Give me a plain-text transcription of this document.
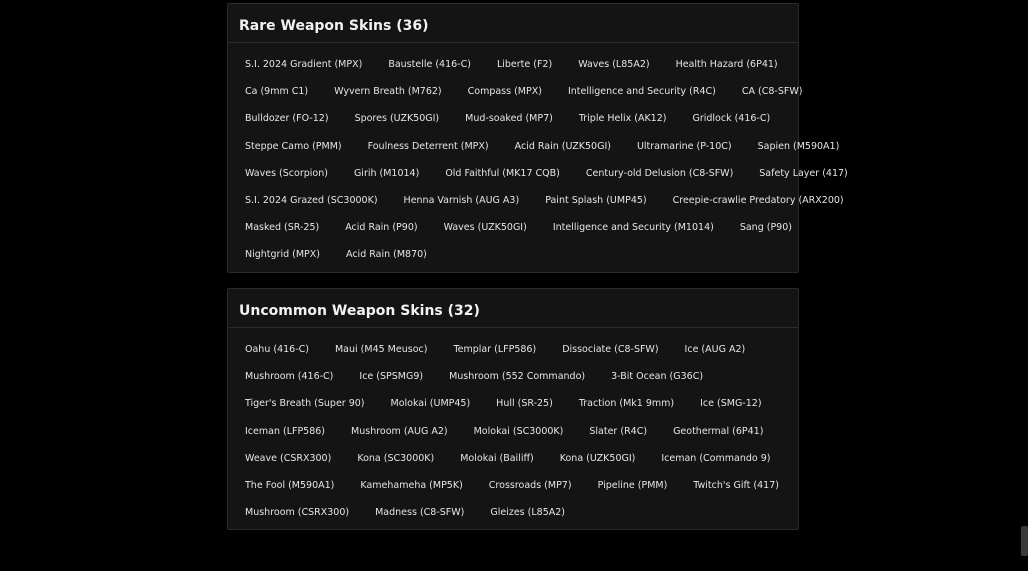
Rare Weapon Skins (36)
S.I. 2024 Gradient (MPX)	Baustelle (416-C)	Liberte (F2)	Waves (L85A2)	Health Hazard (6P41)
Ca (9mm C1)	Wyvern Breath (M762)	Compass (MPX)	Intelligence and Security (R4C)	CA (C8-SFW)
Bulldozer (FO-12)	Spores (UZK50GI)	Mud-soaked (MP7)	Triple Helix (AK12)	Gridlock (416-C)
Steppe Camo (PMM)	Foulness Deterrent (MPX)	Acid Rain (UZK50GI)	Ultramarine (P-10C)	Sapien (M590A1)
Waves (Scorpion)	Girih (M1014)	Old Faithful (MK17 CQB)	Century-old Delusion (C8-SFW)	Safety Layer (417)
S.I. 2024 Grazed (SC3000K)	Henna Varnish (AUG A3)	Paint Splash (UMP45)	Creepie-crawlie Predatory (ARX200)
Masked (SR-25)	Acid Rain (P90)	Waves (UZK50GI)	Intelligence and Security (M1014)	Sang (P90)
Nightgrid (MPX)	Acid Rain (M870)
Uncommon Weapon Skins (32)
Oahu (416-C)	Maui (M45 Meusoc)	Templar (LFP586)	Dissociate (C8-SFW)	Ice (AUG A2)
Mushroom (416-C)	Ice (SPSMG9)	Mushroom (552 Commando)	3-Bit Ocean (G36C)
Tiger's Breath (Super 90)	Molokai (UMP45)	Hull (SR-25)	Traction (Mk1 9mm)	Ice (SMG-12)
Iceman (LFP586)	Mushroom (AUG A2)	Molokai (SC3000K)	Slater (R4C)	Geothermal (6P41)
Weave (CSRX300)	Kona (SC3000K)	Molokai (Bailiff)	Kona (UZK50GI)	Iceman (Commando 9)
The Fool (M590A1)	Kamehameha (MP5K)	Crossroads (MP7)	Pipeline (PMM)	Twitch's Gift (417)
Mushroom (CSRX300)	Madness (C8-SFW)	Gleizes (L85A2)
